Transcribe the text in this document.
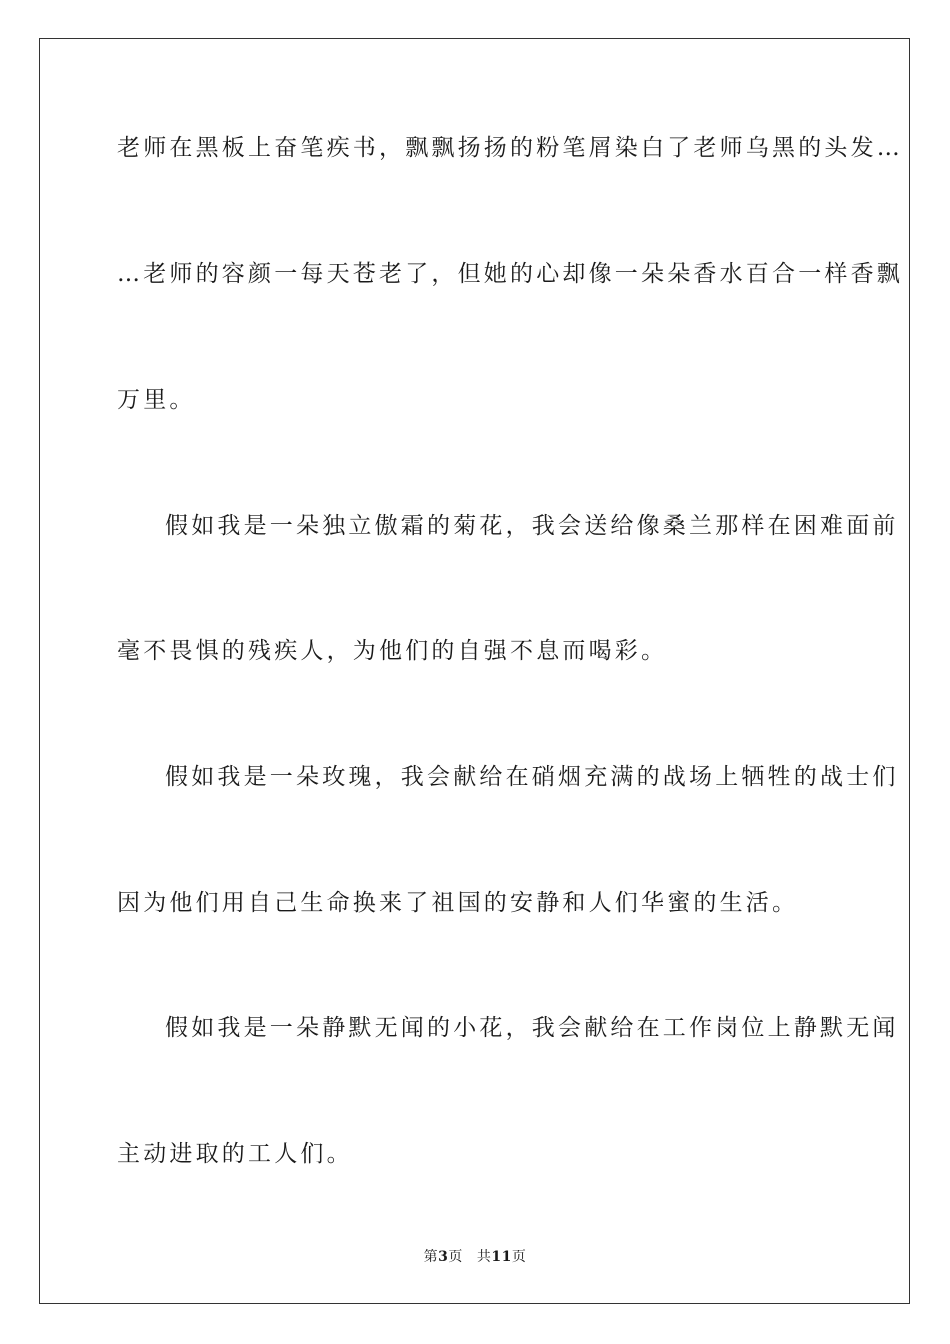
老师在黑板上奋笔疾书，飘飘扬扬的粉笔屑染白了老师乌黑的头发…
…老师的容颜一每天苍老了，但她的心却像一朵朵香水百合一样香飘
万里。
假如我是一朵独立傲霜的菊花，我会送给像桑兰那样在困难面前
毫不畏惧的残疾人，为他们的自强不息而喝彩。
假如我是一朵玫瑰，我会献给在硝烟充满的战场上牺牲的战士们
因为他们用自己生命换来了祖国的安静和人们华蜜的生活。
假如我是一朵静默无闻的小花，我会献给在工作岗位上静默无闻
主动进取的工人们。
第3页 共11页
